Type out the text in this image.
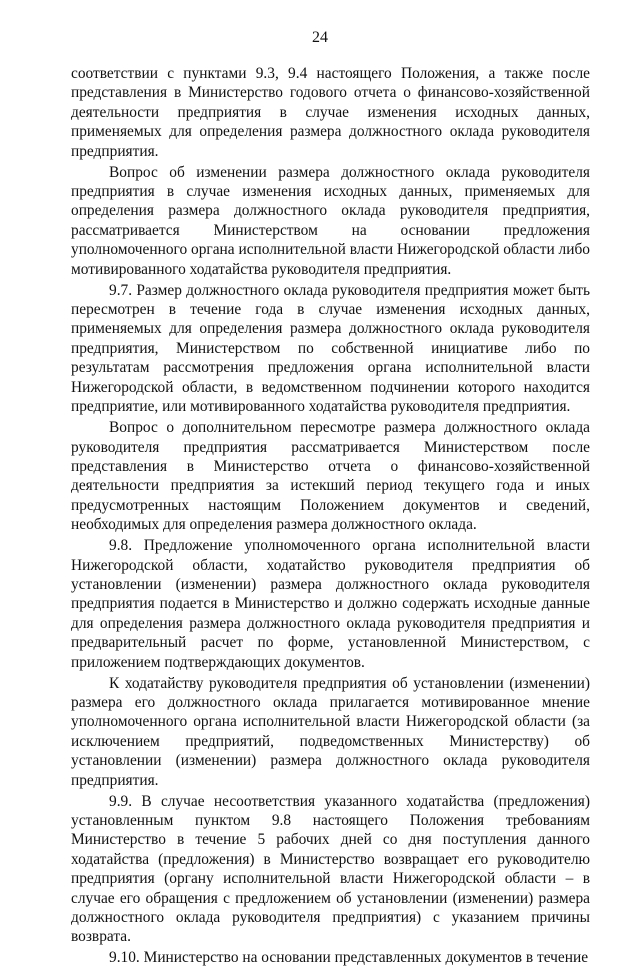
24

соответствии с пунктами 9.3, 9.4 настоящего Положения, а также после представления в Министерство годового отчета о финансово-хозяйственной деятельности предприятия в случае изменения исходных данных, применяемых для определения размера должностного оклада руководителя предприятия.

Вопрос об изменении размера должностного оклада руководителя предприятия в случае изменения исходных данных, применяемых для определения размера должностного оклада руководителя предприятия, рассматривается Министерством на основании предложения уполномоченного органа исполнительной власти Нижегородской области либо мотивированного ходатайства руководителя предприятия.

9.7. Размер должностного оклада руководителя предприятия может быть пересмотрен в течение года в случае изменения исходных данных, применяемых для определения размера должностного оклада руководителя предприятия, Министерством по собственной инициативе либо по результатам рассмотрения предложения органа исполнительной власти Нижегородской области, в ведомственном подчинении которого находится предприятие, или мотивированного ходатайства руководителя предприятия.

Вопрос о дополнительном пересмотре размера должностного оклада руководителя предприятия рассматривается Министерством после представления в Министерство отчета о финансово-хозяйственной деятельности предприятия за истекший период текущего года и иных предусмотренных настоящим Положением документов и сведений, необходимых для определения размера должностного оклада.

9.8. Предложение уполномоченного органа исполнительной власти Нижегородской области, ходатайство руководителя предприятия об установлении (изменении) размера должностного оклада руководителя предприятия подается в Министерство и должно содержать исходные данные для определения размера должностного оклада руководителя предприятия и предварительный расчет по форме, установленной Министерством, с приложением подтверждающих документов.

К ходатайству руководителя предприятия об установлении (изменении) размера его должностного оклада прилагается мотивированное мнение уполномоченного органа исполнительной власти Нижегородской области (за исключением предприятий, подведомственных Министерству) об установлении (изменении) размера должностного оклада руководителя предприятия.

9.9. В случае несоответствия указанного ходатайства (предложения) установленным пунктом 9.8 настоящего Положения требованиям Министерство в течение 5 рабочих дней со дня поступления данного ходатайства (предложения) в Министерство возвращает его руководителю предприятия (органу исполнительной власти Нижегородской области – в случае его обращения с предложением об установлении (изменении) размера должностного оклада руководителя предприятия) с указанием причины возврата.

9.10. Министерство на основании представленных документов в течение
